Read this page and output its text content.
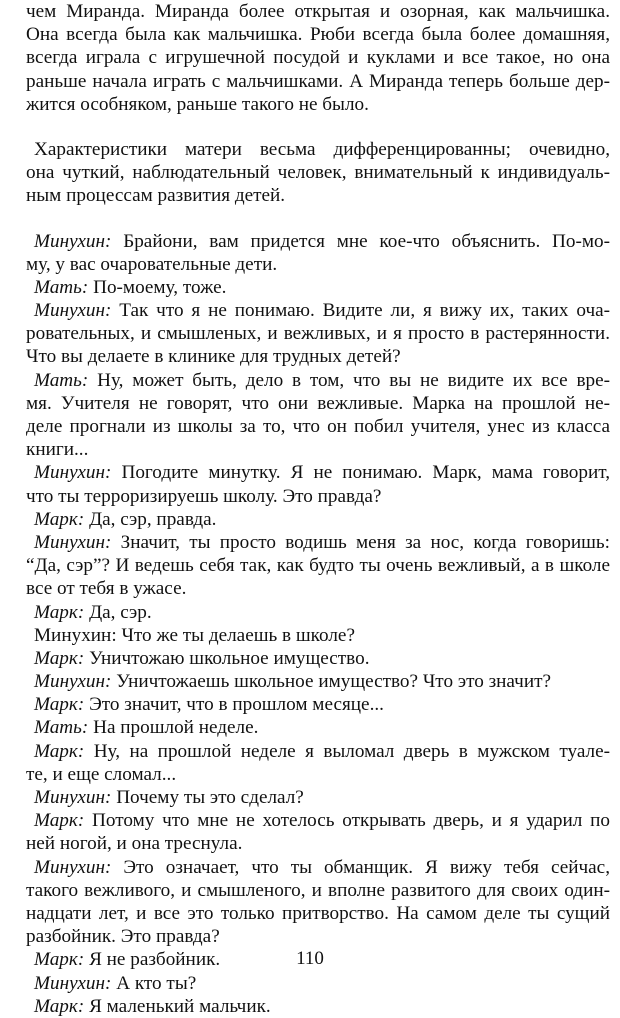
чем Миранда. Миранда более открытая и озорная, как мальчишка.
Она всегда была как мальчишка. Рюби всегда была более домашняя,
всегда играла с игрушечной посудой и куклами и все такое, но она
раньше начала играть с мальчишками. А Миранда теперь больше дер-
жится особняком, раньше такого не было.
Характеристики матери весьма дифференцированны; очевидно,
она чуткий, наблюдательный человек, внимательный к индивидуаль-
ным процессам развития детей.
Минухин: Брайони, вам придется мне кое-что объяснить. По-мо-
му, у вас очаровательные дети.
Мать: По-моему, тоже.
Минухин: Так что я не понимаю. Видите ли, я вижу их, таких оча-
ровательных, и смышленых, и вежливых, и я просто в растерянности.
Что вы делаете в клинике для трудных детей?
Мать: Ну, может быть, дело в том, что вы не видите их все вре-
мя. Учителя не говорят, что они вежливые. Марка на прошлой не-
деле прогнали из школы за то, что он побил учителя, унес из класса
книги...
Минухин: Погодите минутку. Я не понимаю. Марк, мама говорит,
что ты терроризируешь школу. Это правда?
Марк: Да, сэр, правда.
Минухин: Значит, ты просто водишь меня за нос, когда говоришь:
“Да, сэр”? И ведешь себя так, как будто ты очень вежливый, а в школе
все от тебя в ужасе.
Марк: Да, сэр.
Минухин: Что же ты делаешь в школе?
Марк: Уничтожаю школьное имущество.
Минухин: Уничтожаешь школьное имущество? Что это значит?
Марк: Это значит, что в прошлом месяце...
Мать: На прошлой неделе.
Марк: Ну, на прошлой неделе я выломал дверь в мужском туале-
те, и еще сломал...
Минухин: Почему ты это сделал?
Марк: Потому что мне не хотелось открывать дверь, и я ударил по
ней ногой, и она треснула.
Минухин: Это означает, что ты обманщик. Я вижу тебя сейчас,
такого вежливого, и смышленого, и вполне развитого для своих один-
надцати лет, и все это только притворство. На самом деле ты сущий
разбойник. Это правда?
Марк: Я не разбойник.
Минухин: А кто ты?
Марк: Я маленький мальчик.
110
